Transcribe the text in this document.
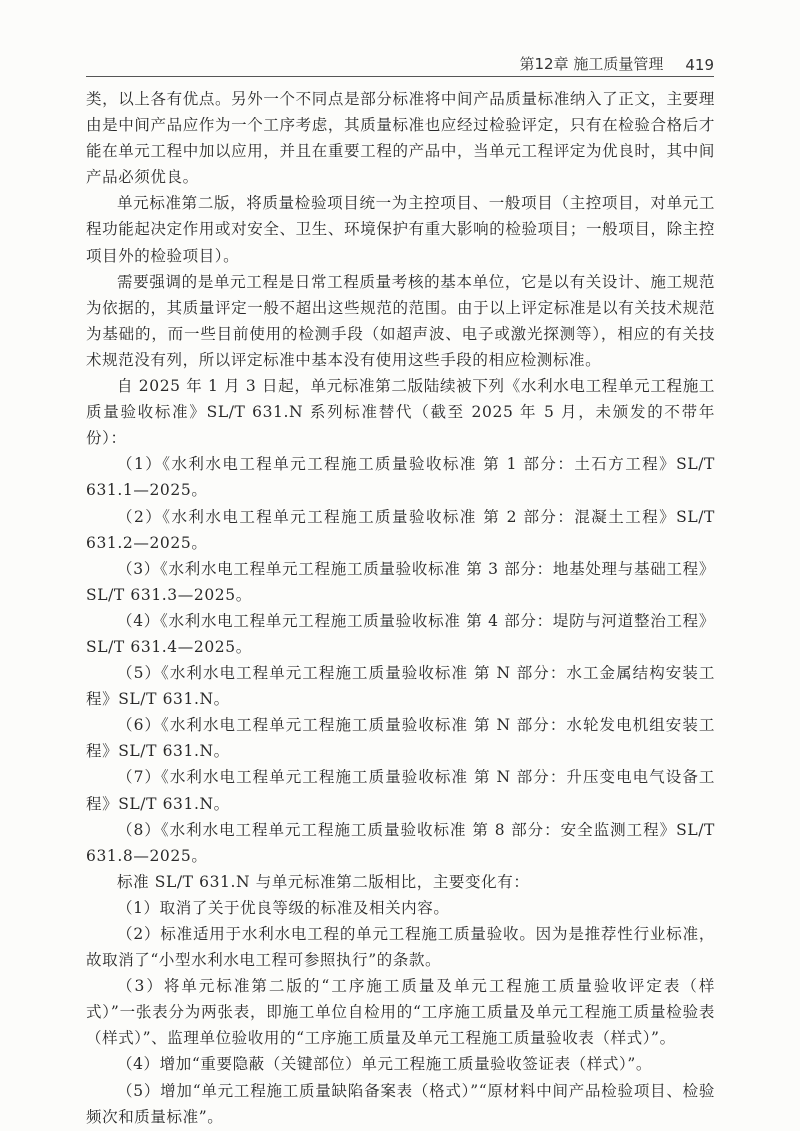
第12章 施工质量管理 419

类，以上各有优点。另外一个不同点是部分标准将中间产品质量标准纳入了正文，主要理由是中间产品应作为一个工序考虑，其质量标准也应经过检验评定，只有在检验合格后才能在单元工程中加以应用，并且在重要工程的产品中，当单元工程评定为优良时，其中间产品必须优良。

单元标准第二版，将质量检验项目统一为主控项目、一般项目（主控项目，对单元工程功能起决定作用或对安全、卫生、环境保护有重大影响的检验项目；一般项目，除主控项目外的检验项目）。

需要强调的是单元工程是日常工程质量考核的基本单位，它是以有关设计、施工规范为依据的，其质量评定一般不超出这些规范的范围。由于以上评定标准是以有关技术规范为基础的，而一些目前使用的检测手段（如超声波、电子或激光探测等），相应的有关技术规范没有列，所以评定标准中基本没有使用这些手段的相应检测标准。

自 2025 年 1 月 3 日起，单元标准第二版陆续被下列《水利水电工程单元工程施工质量验收标准》SL/T 631.N 系列标准替代（截至 2025 年 5 月，未颁发的不带年份）：

（1）《水利水电工程单元工程施工质量验收标准 第 1 部分：土石方工程》SL/T 631.1—2025。

（2）《水利水电工程单元工程施工质量验收标准 第 2 部分：混凝土工程》SL/T 631.2—2025。

（3）《水利水电工程单元工程施工质量验收标准 第 3 部分：地基处理与基础工程》SL/T 631.3—2025。

（4）《水利水电工程单元工程施工质量验收标准 第 4 部分：堤防与河道整治工程》SL/T 631.4—2025。

（5）《水利水电工程单元工程施工质量验收标准 第 N 部分：水工金属结构安装工程》SL/T 631.N。

（6）《水利水电工程单元工程施工质量验收标准 第 N 部分：水轮发电机组安装工程》SL/T 631.N。

（7）《水利水电工程单元工程施工质量验收标准 第 N 部分：升压变电电气设备工程》SL/T 631.N。

（8）《水利水电工程单元工程施工质量验收标准 第 8 部分：安全监测工程》SL/T 631.8—2025。

标准 SL/T 631.N 与单元标准第二版相比，主要变化有：

（1）取消了关于优良等级的标准及相关内容。

（2）标准适用于水利水电工程的单元工程施工质量验收。因为是推荐性行业标准，故取消了“小型水利水电工程可参照执行”的条款。

（3）将单元标准第二版的“工序施工质量及单元工程施工质量验收评定表（样式）”一张表分为两张表，即施工单位自检用的“工序施工质量及单元工程施工质量检验表（样式）”、监理单位验收用的“工序施工质量及单元工程施工质量验收表（样式）”。

（4）增加“重要隐蔽（关键部位）单元工程施工质量验收签证表（样式）”。

（5）增加“单元工程施工质量缺陷备案表（格式）”“原材料中间产品检验项目、检验频次和质量标准”。
